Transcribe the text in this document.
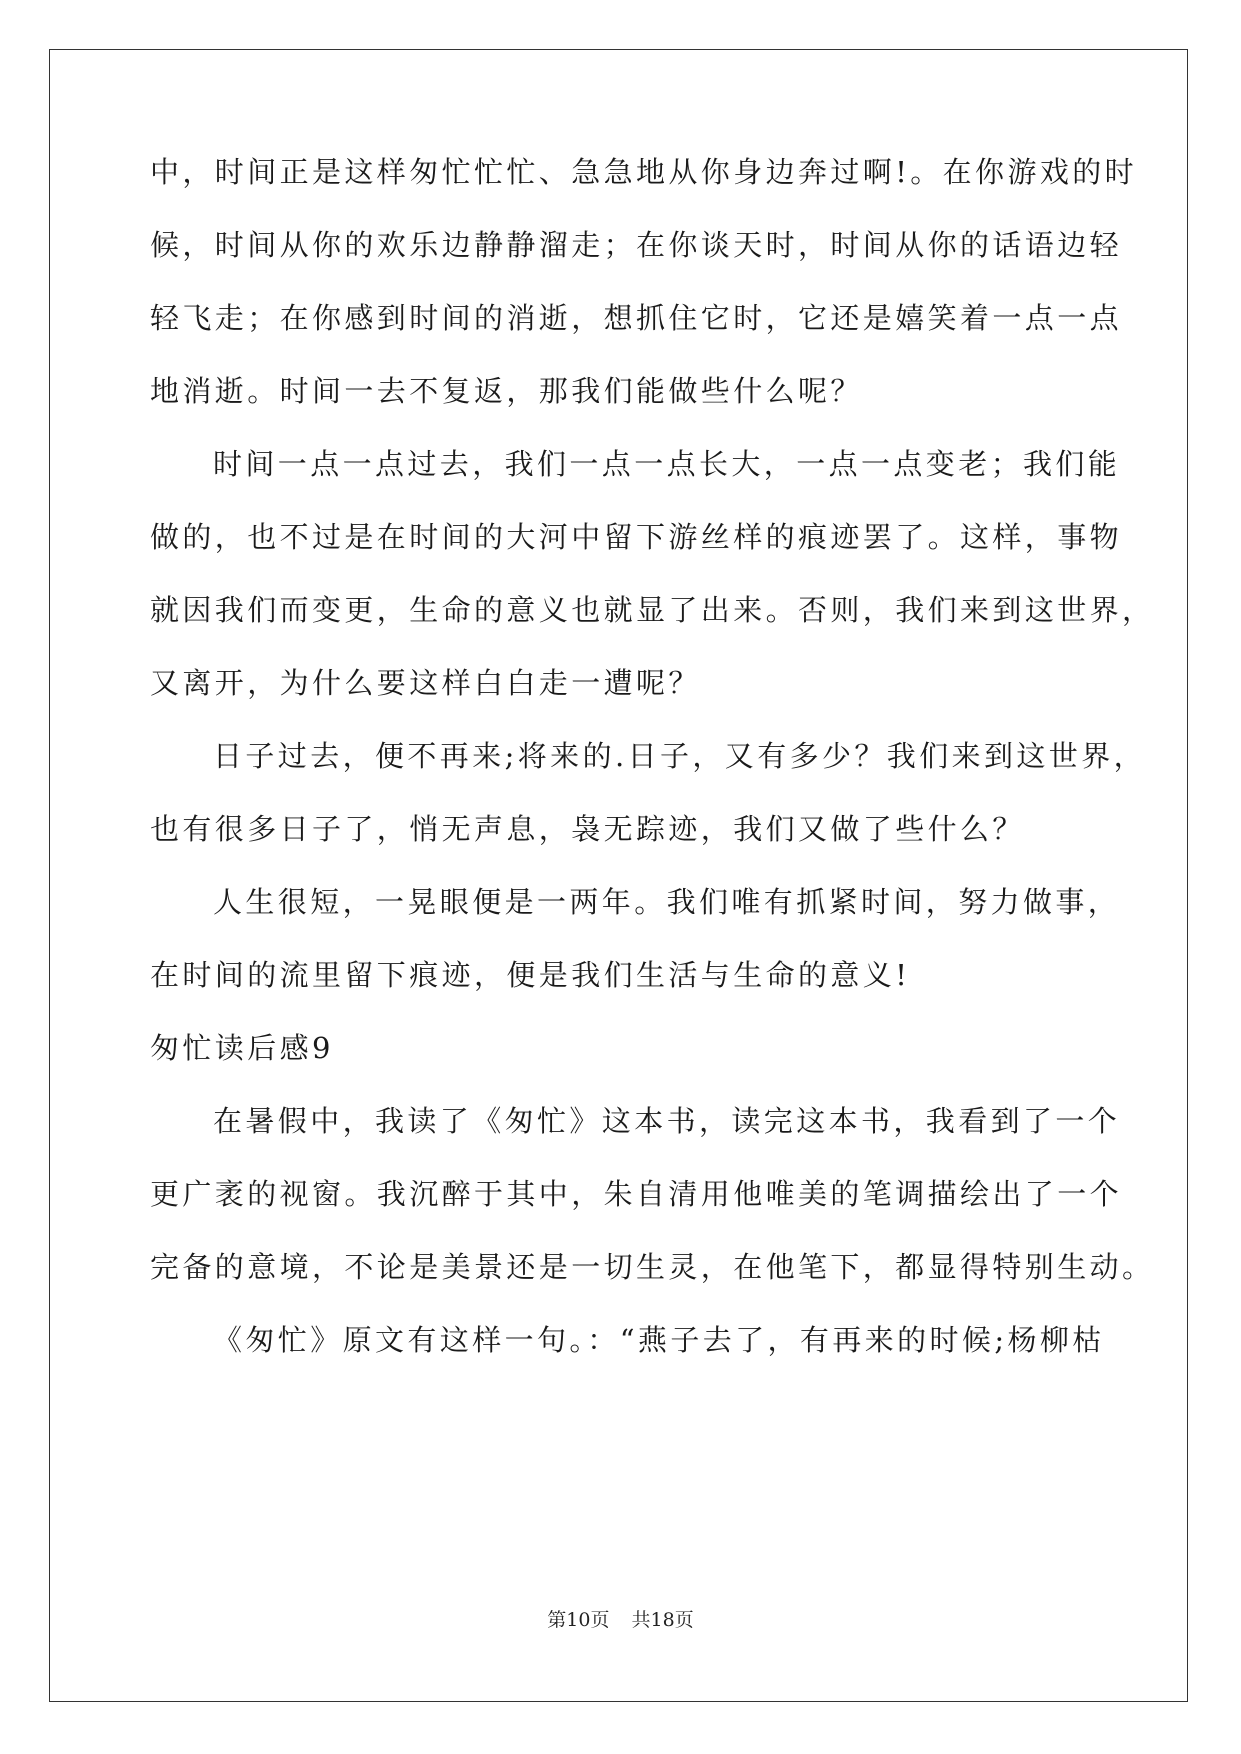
中，时间正是这样匆忙忙忙、急急地从你身边奔过啊!。在你游戏的时
候，时间从你的欢乐边静静溜走；在你谈天时，时间从你的话语边轻
轻飞走；在你感到时间的消逝，想抓住它时，它还是嬉笑着一点一点
地消逝。时间一去不复返，那我们能做些什么呢？
时间一点一点过去，我们一点一点长大，一点一点变老；我们能
做的，也不过是在时间的大河中留下游丝样的痕迹罢了。这样，事物
就因我们而变更，生命的意义也就显了出来。否则，我们来到这世界，
又离开，为什么要这样白白走一遭呢？
日子过去，便不再来;将来的.日子，又有多少？我们来到这世界，
也有很多日子了，悄无声息，袅无踪迹，我们又做了些什么？
人生很短，一晃眼便是一两年。我们唯有抓紧时间，努力做事，
在时间的流里留下痕迹，便是我们生活与生命的意义!
匆忙读后感9
在暑假中，我读了《匆忙》这本书，读完这本书，我看到了一个
更广袤的视窗。我沉醉于其中，朱自清用他唯美的笔调描绘出了一个
完备的意境，不论是美景还是一切生灵，在他笔下，都显得特别生动。
《匆忙》原文有这样一句。：“燕子去了，有再来的时候;杨柳枯
第10页 共18页
